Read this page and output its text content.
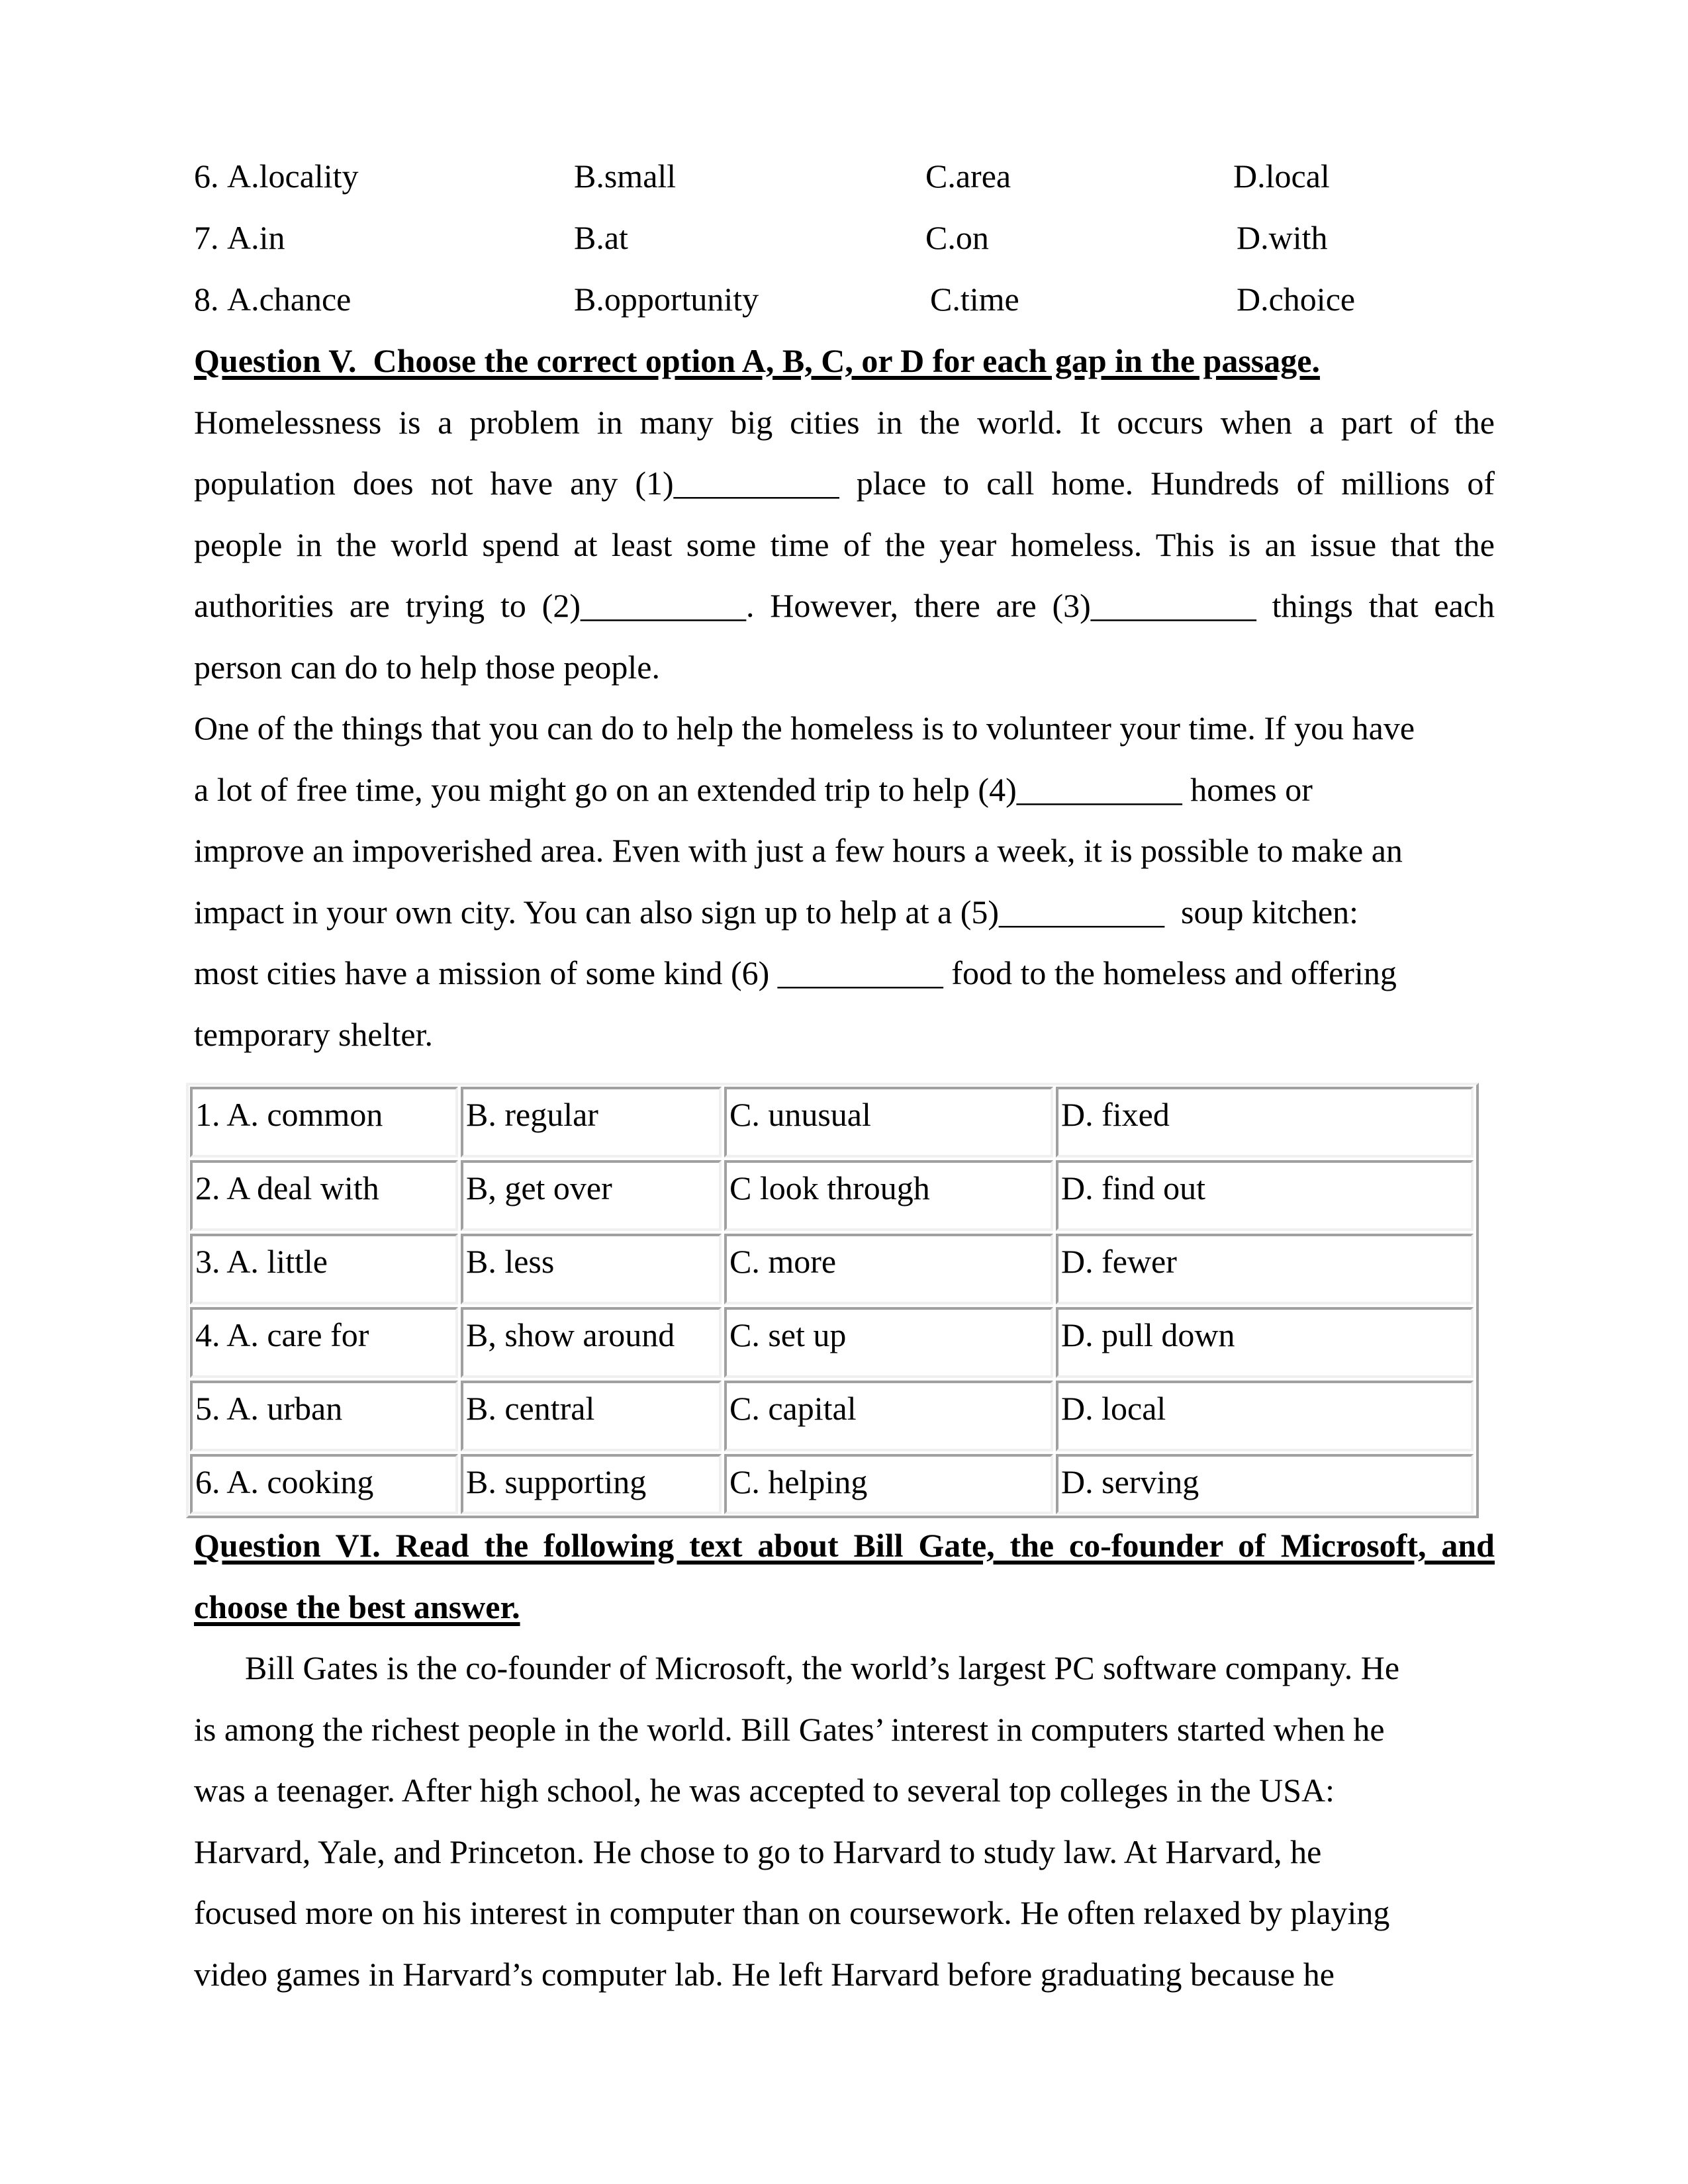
6. A.locality	B.small	C.area	D.local
7. A.in	B.at	C.on	D.with
8. A.chance	B.opportunity	C.time	D.choice
Question V.  Choose the correct option A, B, C, or D for each gap in the passage.
Homelessness is a problem in many big cities in the world. It occurs when a part of the
population does not have any (1)__________ place to call home. Hundreds of millions of
people in the world spend at least some time of the year homeless. This is an issue that the
authorities are trying to (2)__________. However, there are (3)__________ things that each
person can do to help those people.
One of the things that you can do to help the homeless is to volunteer your time. If you have
a lot of free time, you might go on an extended trip to help (4)__________ homes or
improve an impoverished area. Even with just a few hours a week, it is possible to make an
impact in your own city. You can also sign up to help at a (5)__________  soup kitchen:
most cities have a mission of some kind (6) __________ food to the homeless and offering
temporary shelter.
1. A. common	B. regular	C. unusual	D. fixed
2. A deal with	B, get over	C look through	D. find out
3. A. little	B. less	C. more	D. fewer
4. A. care for	B, show around	C. set up	D. pull down
5. A. urban	B. central	C. capital	D. local
6. A. cooking	B. supporting	C. helping	D. serving
Question VI. Read the following text about Bill Gate, the co-founder of Microsoft, and
choose the best answer.
Bill Gates is the co-founder of Microsoft, the world’s largest PC software company. He
is among the richest people in the world. Bill Gates’ interest in computers started when he
was a teenager. After high school, he was accepted to several top colleges in the USA:
Harvard, Yale, and Princeton. He chose to go to Harvard to study law. At Harvard, he
focused more on his interest in computer than on coursework. He often relaxed by playing
video games in Harvard’s computer lab. He left Harvard before graduating because he
